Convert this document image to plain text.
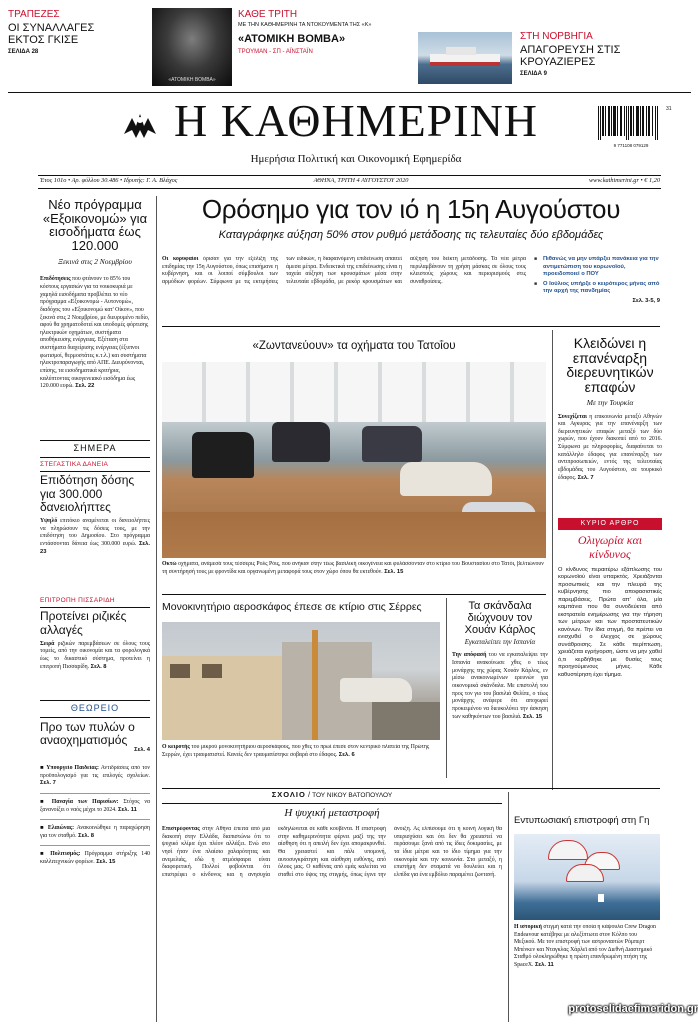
ΤΡΑΠΕΖΕΣ
ΟΙ ΣΥΝΑΛΛΑΓΕΣ ΕΚΤΟΣ ΓΚΙΣΕ
ΣΕΛΙΔΑ 28
«ΑΤΟΜΙΚΗ ΒΟΜΒΑ»
ΚΑΘΕ ΤΡΙΤΗ
ΜΕ ΤΗΝ ΚΑΘΗΜΕΡΙΝΗ ΤΑ ΝΤΟΚΟΥΜΕΝΤΑ ΤΗΣ «Κ»
«ΑΤΟΜΙΚΗ ΒΟΜΒΑ»
ΤΡΟΥΜΑΝ - ΣΠ - ΑΪΝΣΤΑΪΝ
ΣΤΗ ΝΟΡΒΗΓΙΑ
ΑΠΑΓΟΡΕΥΣΗ ΣΤΙΣ ΚΡΟΥΑΖΙΕΡΕΣ
ΣΕΛΙΔΑ 9
Η ΚΑΘΗΜΕΡΙΝΗ
Ημερήσια Πολιτική και Οικονομική Εφημερίδα
9 771108 079129
31
Έτος 101ο • Αρ. φύλλου 30.486 • Ιδρυτής: Γ. Α. Βλάχος	ΑΘΗΝΑ, ΤΡΙΤΗ 4 ΑΥΓΟΥΣΤΟΥ 2020	www.kathimerini.gr • € 1,20
Νέο πρόγραμμα «Εξοικονομώ» για εισοδήματα έως 120.000
Ξεκινά στις 2 Νοεμβρίου
Επιδότησεις που φτάνουν το 85% του κόστους εργασιών για τα νοικοκυριά με χαμηλά εισοδήματα προβλέπει το νέο πρόγραμμα «Εξοικονομώ - Αυτονομώ», διαδόχος του «Εξοικονομώ κατ' Οίκον», που ξεκινά στις 2 Νοεμβρίου, με διευρυμένο πεδίο, αφού θα χρηματοδοτεί και υποδομές φόρτισης ηλεκτρικών οχημάτων, συστήματα αποθήκευσης ενέργειας. Εξέταση στα συστήματα διαχείρισης ενέργειας (έξυπνοι φωτισμοί, θερμοστάτες κ.τ.λ.) και συστήματα ηλεκτροπαραγωγής από ΑΠΕ. Διευρύνονται, επίσης, τα εισοδηματικά κριτήρια, καλύπτοντας οικογενειακό εισόδημα έως 120.000 ευρώ. Σελ. 22
ΣΗΜΕΡΑ
ΣΤΕΓΑΣΤΙΚΑ ΔΑΝΕΙΑ
Επιδότηση δόσης για 300.000 δανειολήπτες
Υψηλό επιτόκιο αναμένεται οι δανειολήπτες να πληρώσουν τις δόσεις τους, με την επιδότηση του Δημοσίου. Στο πρόγραμμα εντάσσονται δάνεια έως 300.000 ευρώ. Σελ. 23
ΕΠΙΤΡΟΠΗ ΠΙΣΣΑΡΙΔΗ
Προτείνει ριζικές αλλαγές
Σειρά ριζικών παρεμβάσεων σε όλους τους τομείς, από την οικονομία και τα φορολογικά έως το δικαστικό σύστημα, προτείνει η επιτροπή Πισσαρίδη. Σελ. 8
ΘΕΩΡΕΙΟ
Προ των πυλών ο αναοχηματισμός
Σελ. 4
■ Υπουργείο Παιδείας: Αντιδράσεις από τον προϋπολογισμό για τις επιλογές σχολείων. Σελ. 7
■ Παναγία των Παρισίων: Στόχος να ξανανοίξει ο ναός μέχρι το 2024. Σελ. 11
■ Ελαιώνας: Ανακοινώθηκε η παραχώρηση για τον σταθμό. Σελ. 8
■ Πολιτισμός: Πρόγραμμα στήριξης 140 καλλιτεχνικών φορέων. Σελ. 15
Ορόσημο για τον ιό η 15η Αυγούστου
Καταγράφηκε αύξηση 50% στον ρυθμό μετάδοσης τις τελευταίες δύο εβδομάδες
Οι κορυφαίοι όρισαν για την εξέλιξη της επιδημίας την 15η Αυγούστου, όπως επισήμανε η κυβέρνηση, και οι λοιποί σύμβουλοι των αρμόδιων φορέων. Σύμφωνα με τις εκτιμήσεις των ειδικών, η διαφαινόμενη επιδείνωση απαιτεί άμεσα μέτρα. Ενδεικτικά της επιδείνωσης είναι η ταχεία αύξηση των κρουσμάτων μέσα στην τελευταία εβδομάδα, με ρεκόρ κρουσμάτων και αύξηση του δείκτη μετάδοσης. Τα νέα μέτρα περιλαμβάνουν τη χρήση μάσκας σε όλους τους κλειστούς χώρους και περιορισμούς στις συναθροίσεις.
■ Πιθανώς να μην υπάρξει πανάκεια για την αντιμετώπιση του κορωνοϊού, προειδοποιεί ο ΠΟΥ
■ Ο Ιούλιος υπήρξε ο κειρότερος μήνας από την αρχή της πανδημίας
Σελ. 3-5, 9
«Ζωντανεύουν» τα οχήματα του Τατοΐου
Οκτώ οχήματα, ανάμεσά τους τέσσερις Ρολς Ρόις, που ανήκαν στην τέως βασιλική οικογένεια και φυλάσσονταν στο κτίριο του Βουστασίου στο Τατόι, βελτιώνουν τη συντήρησή τους με φροντίδα και οργανωμένη μεταφορά τους στον χώρο όπου θα εκτεθούν. Σελ. 15
Κλειδώνει η επανέναρξη διερευνητικών επαφών
Με την Τουρκία
Συνεχίζεται η επικοινωνία μεταξύ Αθηνών και Αγκυρας για την επανέναρξη των διερευνητικών επαφών μεταξύ των δύο χωρών, που έχουν διακοπεί από το 2016. Σύμφωνα με πληροφορίες, διαφαίνεται το κατάλληλο έδαφος για επανέναρξη των αντιπροσωπειών, εντός της τελευταίας εβδομάδας του Αυγούστου, σε τουρκικό έδαφος. Σελ. 7
ΚΥΡΙΟ ΑΡΘΡΟ
Ολιγωρία και κίνδυνος
Ο κίνδυνος περαιτέρω εξάπλωσης του κορωνοϊού είναι υπαρκτός. Χρειάζονται προσωπικές και την πλευρά της κυβέρνησης πιο αποφασιστικές παρεμβάσεις. Πρώτα απ' όλα, μία καμπάνια που θα συνοδεύεται από εκστρατεία ενημέρωσης για την τήρηση των μέτρων και των προστατευτικών κανόνων. Την ίδια στιγμή, θα πρέπει να ενισχυθεί ο έλεγχος σε χώρους συνάθροισης. Σε κάθε περίπτωση, χρειάζεται εγρήγορση, ώστε να μην χαθεί ό,τι κερδήθηκε με θυσίες τους προηγούμενους μήνες. Κάθε καθυστέρηση έχει τίμημα.
Μονοκινητήριο αεροσκάφος έπεσε σε κτίριο στις Σέρρες
Ο κειροτής του μικρού μονοκινητήριου αεροσκάφους, που χθες το πρωί έπεσε στον κεντρικό πλατεία της Πρώτης Σερρών, έχει τραυματιστεί. Κανείς δεν τραυματίστηκε σοβαρά στο έδαφος. Σελ. 6
Τα σκάνδαλα διώχνουν τον Χουάν Κάρλος
Εγκαταλείπει την Ισπανία
Την απόφασή του να εγκαταλείψει την Ισπανία ανακοίνωσε χθες ο τέως μονάρχης της χώρας Χουάν Κάρλος, εν μέσω ανακοινωμένων ερευνών για οικονομικά σκάνδαλα. Με επιστολή του προς τον γιο του βασιλιά Φελίπε, ο τέως μονάρχης ανέφερε ότι αποχωρεί προκειμένου να διευκολύνει την άσκηση των καθηκόντων του βασιλιά. Σελ. 15
ΣΧΟΛΙΟ / ΤΟΥ ΝΙΚΟΥ ΒΑΤΟΠΟΥΛΟΥ
Η ψυχική μεταστροφή
Επιστρέφοντας στην Αθήνα έπειτα από μια διακοπή στην Ελλάδα, διαπιστώνω ότι το ψυχικό κλίμα έχει πλέον αλλάξει. Ενώ στο νησί ήταν ένα πλαίσιο χαλαρότητας και ανεμελιάς, εδώ η ατμόσφαιρα είναι διαφορετική. Πολλοί φοβούνται ότι επιστρέφει ο κίνδυνος και η ανησυχία εκδηλώνεται σε κάθε κουβέντα. Η επιστροφή στην καθημερινότητα φέρνει μαζί της την αίσθηση ότι η απειλή δεν έχει απομακρυνθεί. Θα χρειαστεί και πάλι υπομονή, αυτοσυγκράτηση και αίσθηση ευθύνης, από όλους μας. Ο καθένας από εμάς καλείται να σταθεί στο ύψος της στιγμής, όπως έγινε την άνοιξη. Ας ελπίσουμε ότι η κοινή λογική θα υπερισχύσει και ότι δεν θα χρειαστεί να περάσουμε ξανά από τις ίδιες δοκιμασίες, με τα ίδια μέτρα και το ίδιο τίμημα για την οικονομία και την κοινωνία. Στο μεταξύ, η επιστήμη δεν σταματά να δουλεύει και η ελπίδα για ένα εμβόλιο παραμένει ζωντανή.
Εντυπωσιακή επιστροφή στη Γη
Η ιστορική στιγμή κατά την οποία η κάψουλα Crew Dragon Endeavour κατέβηκε με αλεξίπτωτα στον Κόλπο του Μεξικού. Με τον επιστροφή των αστροναυτών Ρόμπερτ Μπένκεν και Νταγκλας Χάρλεϊ από τον Διεθνή Διαστημικό Σταθμό ολοκληρώθηκε η πρώτη επανδρωμένη πτήση της SpaceX. Σελ. 11
protoselidaefimeridon.gr
